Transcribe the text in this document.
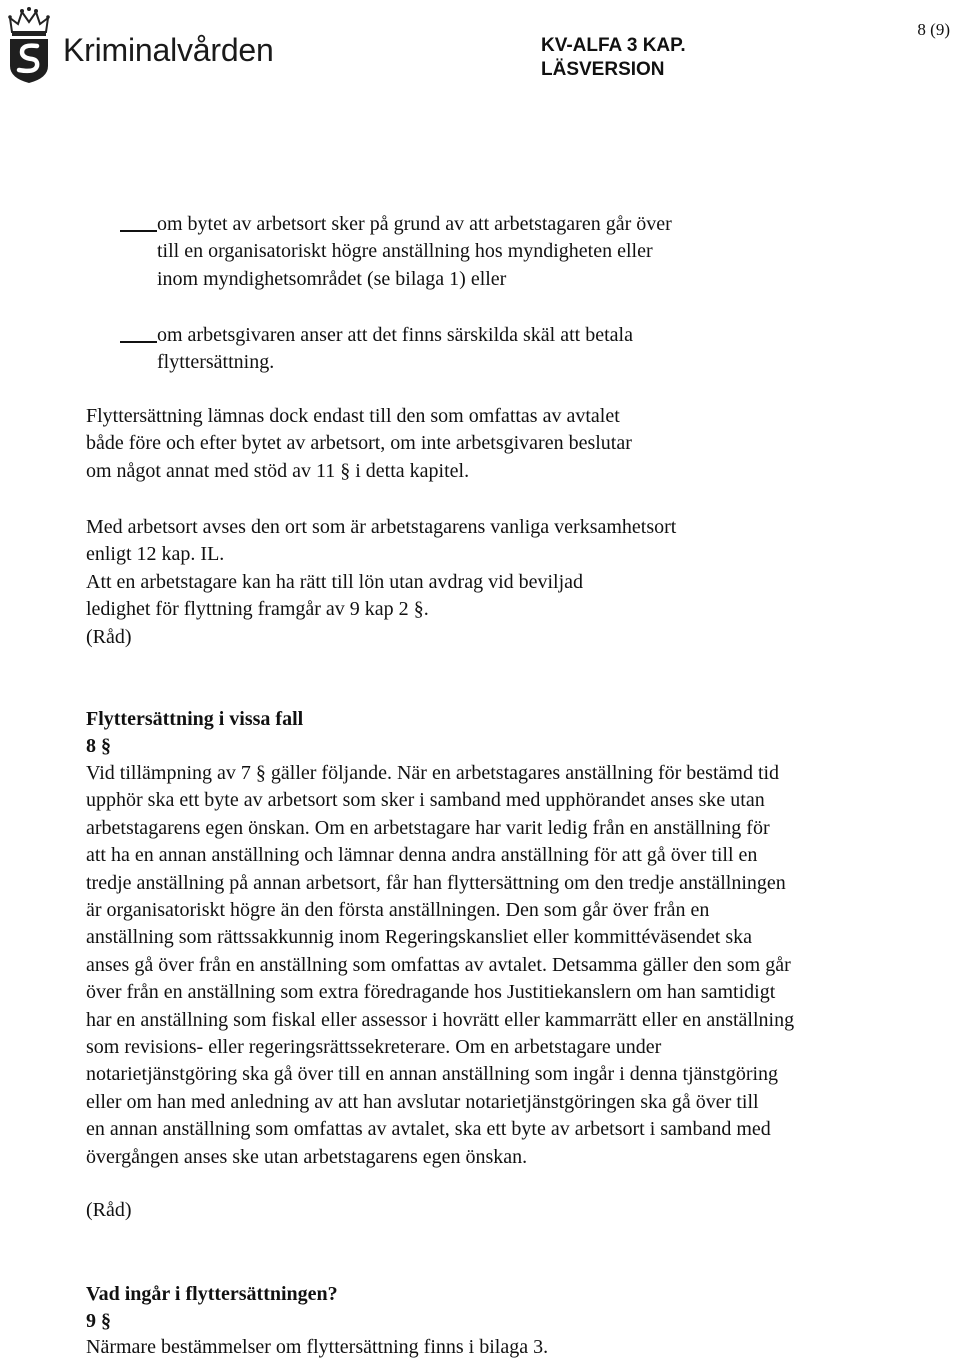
Kriminalvården	KV-ALFA 3 KAP.
LÄSVERSION
8 (9)
om bytet av arbetsort sker på grund av att arbetstagaren går över
till en organisatoriskt högre anställning hos myndigheten eller
inom myndighetsområdet (se bilaga 1) eller
om arbetsgivaren anser att det finns särskilda skäl att betala
flyttersättning.
Flyttersättning lämnas dock endast till den som omfattas av avtalet
både före och efter bytet av arbetsort, om inte arbetsgivaren beslutar
om något annat med stöd av 11 § i detta kapitel.
Med arbetsort avses den ort som är arbetstagarens vanliga verksamhetsort
enligt 12 kap. IL.
Att en arbetstagare kan ha rätt till lön utan avdrag vid beviljad
ledighet för flyttning framgår av 9 kap 2 §.
(Råd)
Flyttersättning i vissa fall
8 §
Vid tillämpning av 7 § gäller följande. När en arbetstagares anställning för bestämd tid
upphör ska ett byte av arbetsort som sker i samband med upphörandet anses ske utan
arbetstagarens egen önskan. Om en arbetstagare har varit ledig från en anställning för
att ha en annan anställning och lämnar denna andra anställning för att gå över till en
tredje anställning på annan arbetsort, får han flyttersättning om den tredje anställningen
är organisatoriskt högre än den första anställningen. Den som går över från en
anställning som rättssakkunnig inom Regeringskansliet eller kommittéväsendet ska
anses gå över från en anställning som omfattas av avtalet. Detsamma gäller den som går
över från en anställning som extra föredragande hos Justitiekanslern om han samtidigt
har en anställning som fiskal eller assessor i hovrätt eller kammarrätt eller en anställning
som revisions- eller regeringsrättssekreterare. Om en arbetstagare under
notarietjänstgöring ska gå över till en annan anställning som ingår i denna tjänstgöring
eller om han med anledning av att han avslutar notarietjänstgöringen ska gå över till
en annan anställning som omfattas av avtalet, ska ett byte av arbetsort i samband med
övergången anses ske utan arbetstagarens egen önskan.
(Råd)
Vad ingår i flyttersättningen?
9 §
Närmare bestämmelser om flyttersättning finns i bilaga 3.
